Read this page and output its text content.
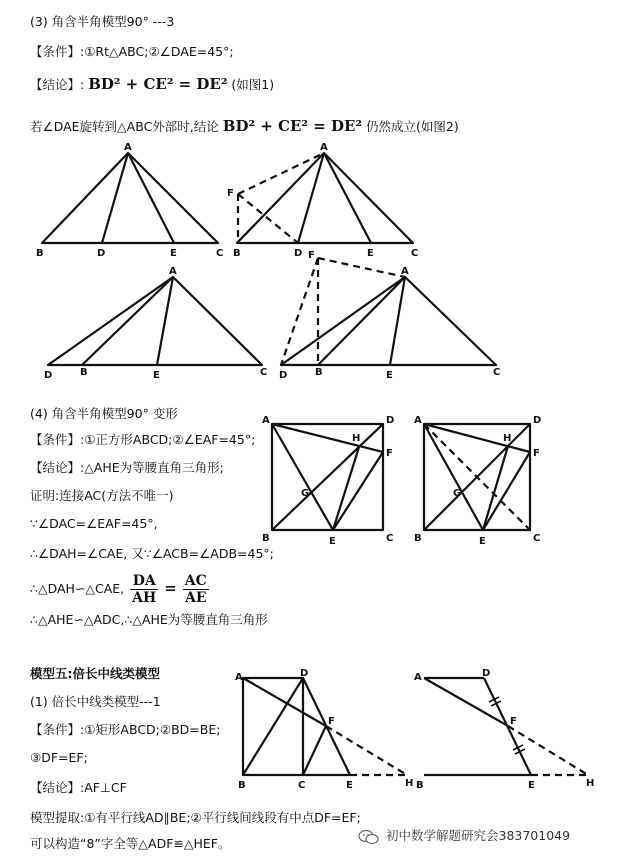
(3) 角含半角模型90° ---3
【条件】:①Rt△ABC;②∠DAE=45°;
【结论】: BD² + CE² = DE² (如图1)
若∠DAE旋转到△ABC外部时,结论 BD² + CE² = DE² 仍然成立(如图2)
(4) 角含半角模型90° 变形
【条件】:①正方形ABCD;②∠EAF=45°;
【结论】:△AHE为等腰直角三角形;
证明:连接AC(方法不唯一)
∵∠DAC=∠EAF=45°,
∴∠DAH=∠CAE, 又∵∠ACB=∠ADB=45°;
∴△DAH∽△CAE, $\frac{DA}{AH} = \frac{AC}{AE}$
∴△AHE∽△ADC,∴△AHE为等腰直角三角形
模型五:倍长中线类模型
(1) 倍长中线类模型---1
【条件】:①矩形ABCD;②BD=BE;
③DF=EF;
【结论】:AF⊥CF
模型提取:①有平行线AD∥BE;②平行线间线段有中点DF=EF;
可以构造“8”字全等△ADF≌△HEF。
初中数学解题研究会383701049
A
B	D	E	C
A
F
B	D	E	C
A
D	B	E	C
A
F
D	B	E	C
A	D
H
F
G
B	E	C
A	D
H
F
G
B	E	C
A	D
F
B	C	E	H
A	D
F
B	E	H
